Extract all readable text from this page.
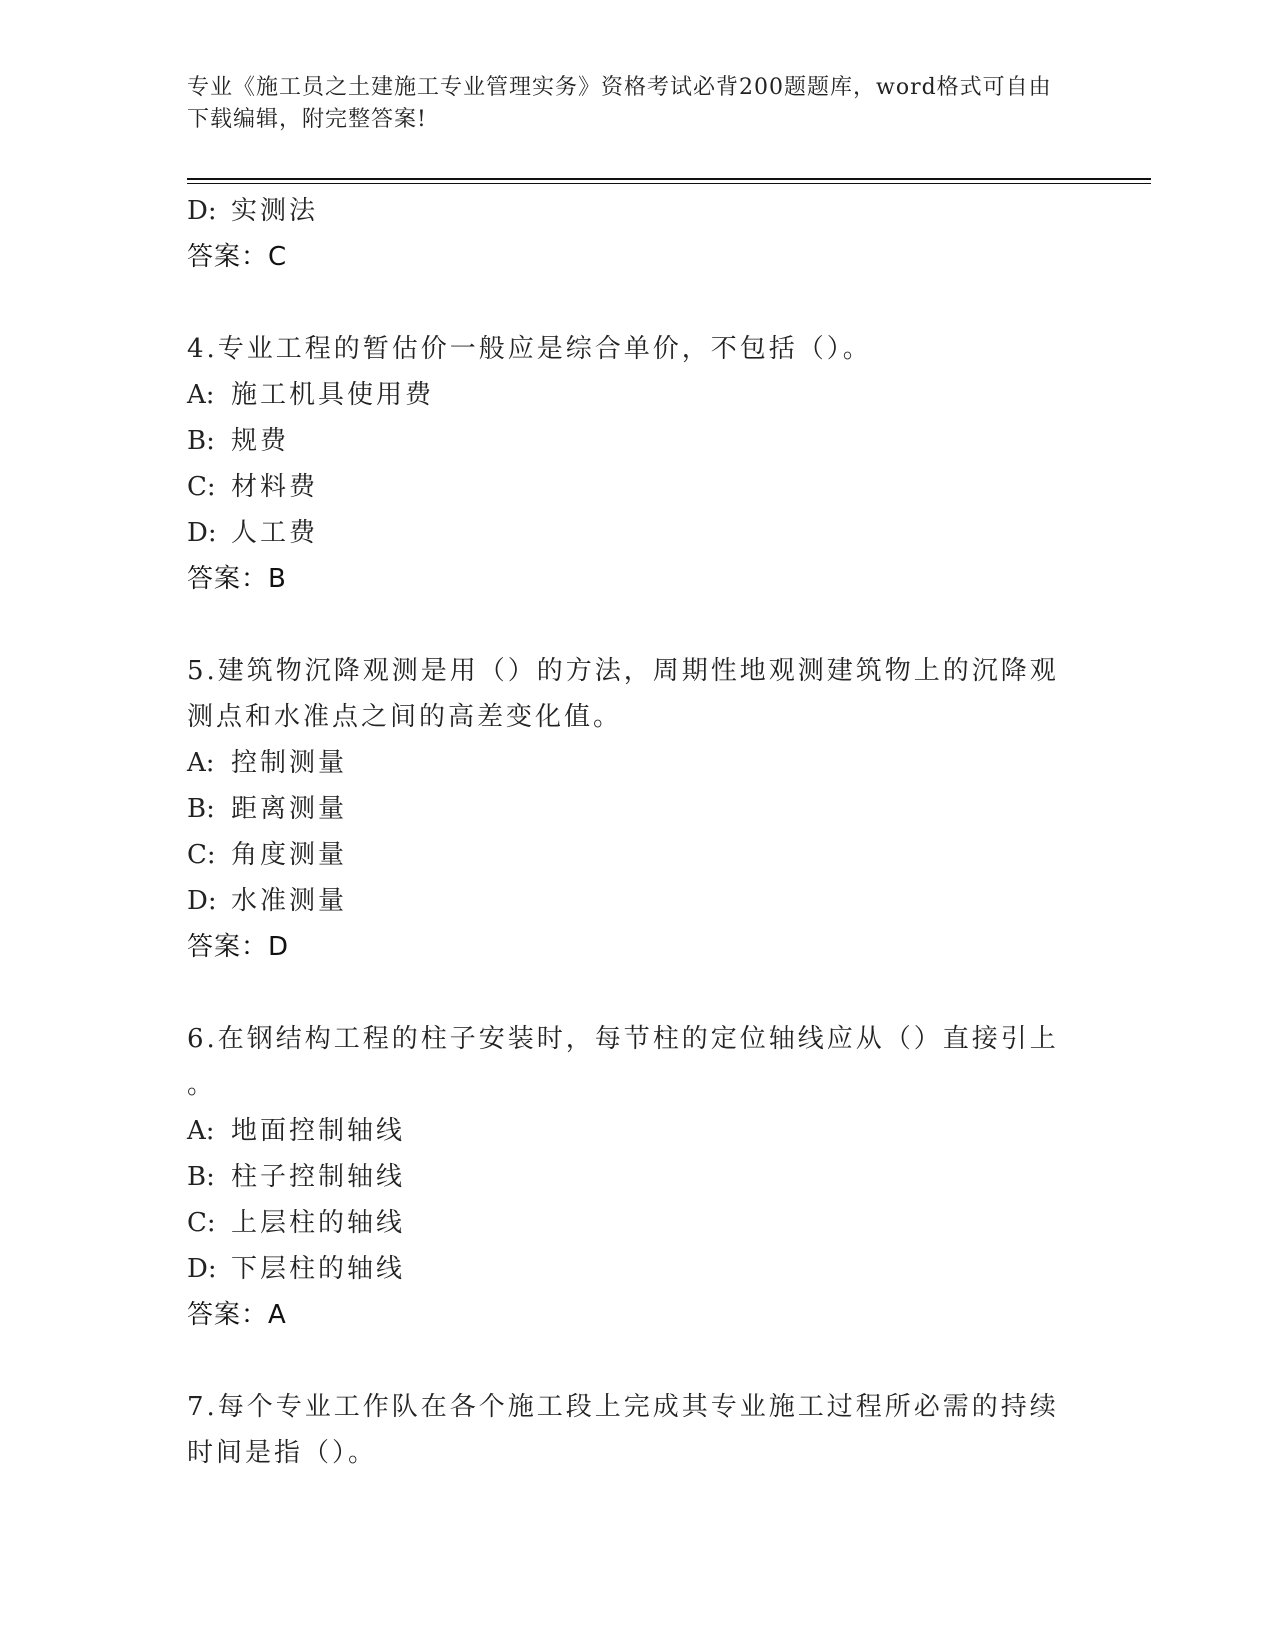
专业《施工员之土建施工专业管理实务》资格考试必背200题题库，word格式可自由下载编辑，附完整答案!
D: 实测法
答案：C
4.专业工程的暂估价一般应是综合单价，不包括（）。
A: 施工机具使用费
B: 规费
C: 材料费
D: 人工费
答案：B
5.建筑物沉降观测是用（）的方法，周期性地观测建筑物上的沉降观
测点和水准点之间的高差变化值。
A: 控制测量
B: 距离测量
C: 角度测量
D: 水准测量
答案：D
6.在钢结构工程的柱子安装时，每节柱的定位轴线应从（）直接引上
。
A: 地面控制轴线
B: 柱子控制轴线
C: 上层柱的轴线
D: 下层柱的轴线
答案：A
7.每个专业工作队在各个施工段上完成其专业施工过程所必需的持续
时间是指（）。
